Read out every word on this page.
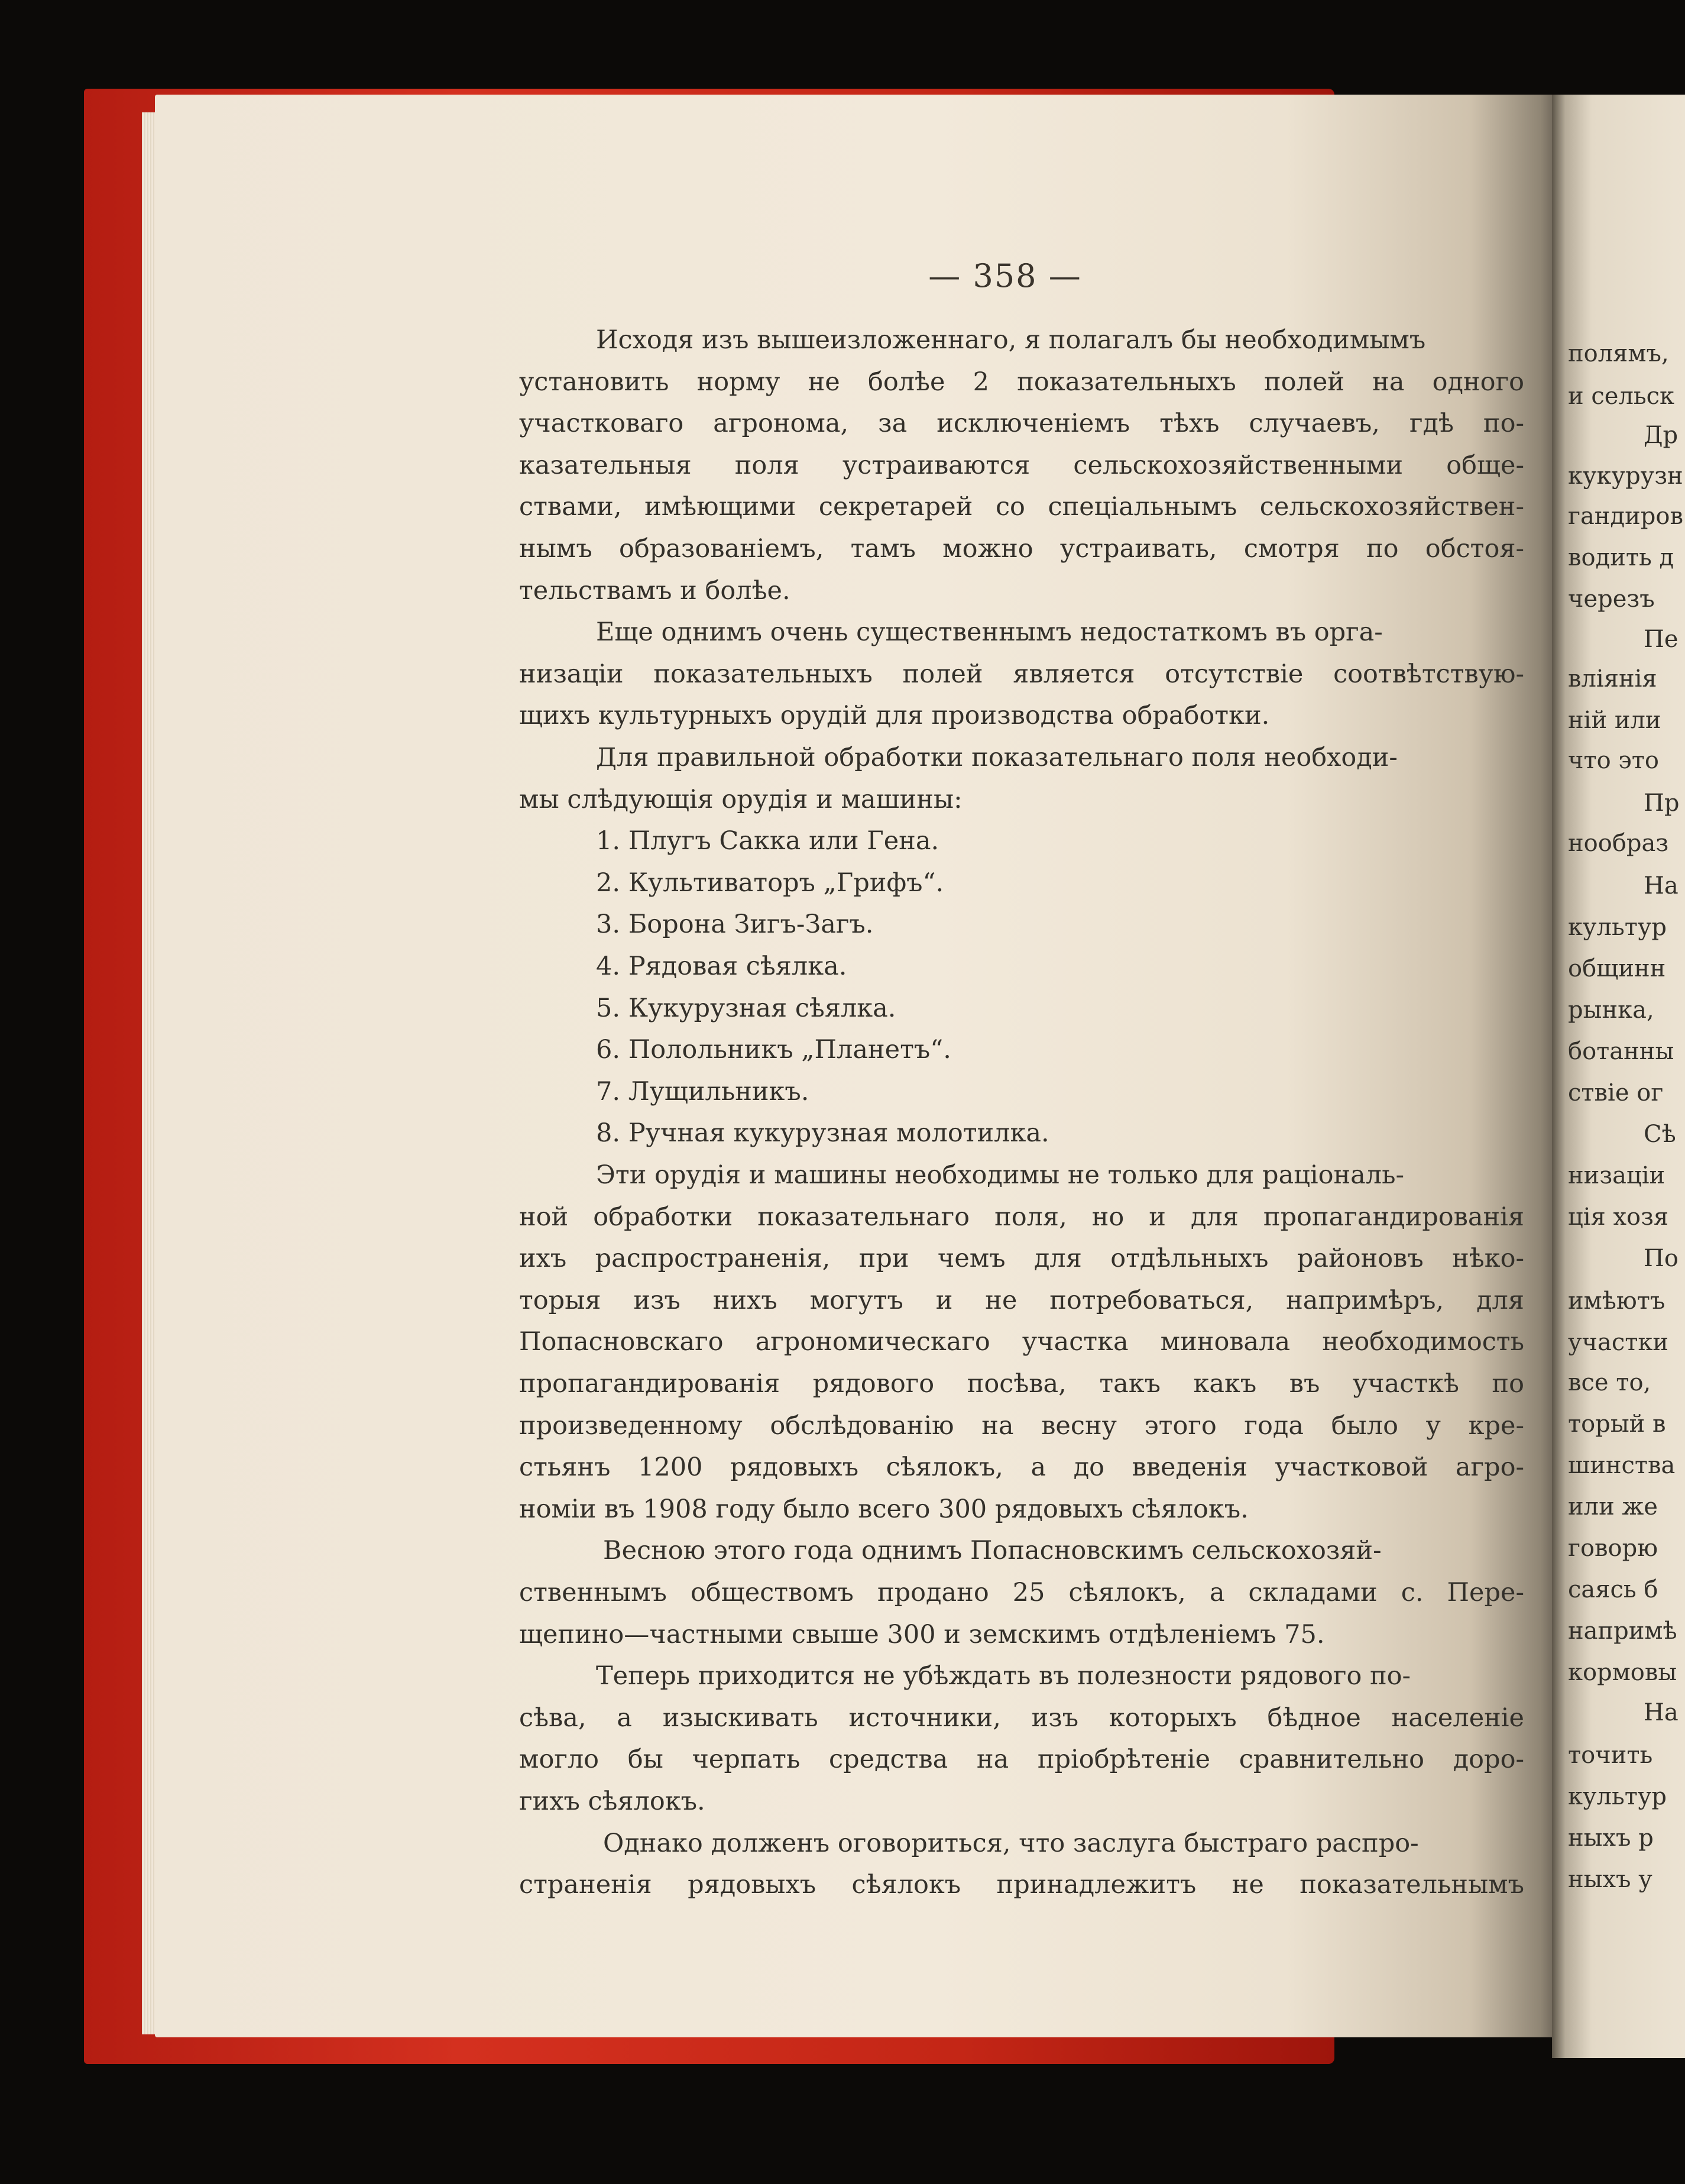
— 358 —
Исходя изъ вышеизложеннаго, я полагалъ бы необходимымъ
установить норму не болѣе 2 показательныхъ полей на одного
участковаго агронома, за исключеніемъ тѣхъ случаевъ, гдѣ по-
казательныя поля устраиваются сельскохозяйственными обще-
ствами, имѣющими секретарей со спеціальнымъ сельскохозяйствен-
нымъ образованіемъ, тамъ можно устраивать, смотря по обстоя-
тельствамъ и болѣе.
Еще однимъ очень существеннымъ недостаткомъ въ орга-
низаціи показательныхъ полей является отсутствіе соотвѣтствую-
щихъ культурныхъ орудій для производства обработки.
Для правильной обработки показательнаго поля необходи-
мы слѣдующія орудія и машины:
1. Плугъ Сакка или Гена.
2. Культиваторъ „Грифъ“.
3. Борона Зигъ-Загъ.
4. Рядовая сѣялка.
5. Кукурузная сѣялка.
6. Полольникъ „Планетъ“.
7. Лущильникъ.
8. Ручная кукурузная молотилка.
Эти орудія и машины необходимы не только для раціональ-
ной обработки показательнаго поля, но и для пропагандированія
ихъ распространенія, при чемъ для отдѣльныхъ районовъ нѣко-
торыя изъ нихъ могутъ и не потребоваться, напримѣръ, для
Попасновскаго агрономическаго участка миновала необходимость
пропагандированія рядового посѣва, такъ какъ въ участкѣ по
произведенному обслѣдованію на весну этого года было у кре-
стьянъ 1200 рядовыхъ сѣялокъ, а до введенія участковой агро-
номіи въ 1908 году было всего 300 рядовыхъ сѣялокъ.
Весною этого года однимъ Попасновскимъ сельскохозяй-
ственнымъ обществомъ продано 25 сѣялокъ, а складами с. Пере-
щепино—частными свыше 300 и земскимъ отдѣленіемъ 75.
Теперь приходится не убѣждать въ полезности рядового по-
сѣва, а изыскивать источники, изъ которыхъ бѣдное населеніе
могло бы черпать средства на пріобрѣтеніе сравнительно доро-
гихъ сѣялокъ.
Однако долженъ оговориться, что заслуга быстраго распро-
страненія рядовыхъ сѣялокъ принадлежитъ не показательнымъ
полямъ,
и сельск
Др
кукурузн
гандиров
водить д
черезъ
Пе
вліянія
ній или
что это
Пр
нообраз
На
культур
общинн
рынка,
ботанны
ствіе ог
Сѣ
низаціи
ція хозя
По
имѣютъ
участки
все то,
торый в
шинства
или же
говорю
саясь б
напримѣ
кормовы
На
точить
культур
ныхъ р
ныхъ у
